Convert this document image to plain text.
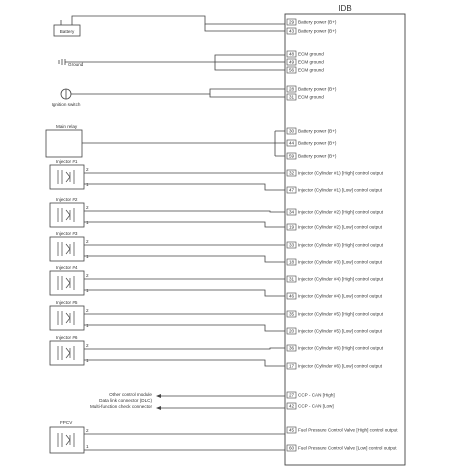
IDB
29 Battery power (B+)
43 Battery power (B+)
48 ECM ground
49 ECM ground
56 ECM ground
28 Battery power (B+)
31 ECM ground
30 Battery power (B+)
44 Battery power (B+)
59 Battery power (B+)
32 Injector (Cylinder #1) [High] control output
47 Injector (Cylinder #1) [Low] control output
34 Injector (Cylinder #2) [High] control output
19 Injector (Cylinder #2) [Low] control output
33 Injector (Cylinder #3) [High] control output
18 Injector (Cylinder #3) [Low] control output
31 Injector (Cylinder #4) [High] control output
46 Injector (Cylinder #4) [Low] control output
35 Injector (Cylinder #5) [High] control output
20 Injector (Cylinder #5) [Low] control output
36 Injector (Cylinder #6) [High] control output
17 Injector (Cylinder #6) [Low] control output
27 CCP - CAN [High]
42 CCP - CAN [Low]
45 Fuel Pressure Control Valve [High] control output
60 Fuel Pressure Control Valve [Low] control output
Battery
Ground
Ignition switch
Main relay
Injector #1
2
1
Injector #2
2
1
Injector #3
2
1
Injector #4
2
1
Injector #5
2
1
Injector #6
2
1
Other control module
Data link connector (DLC)
Multi-function check connector
FPCV
2
1
